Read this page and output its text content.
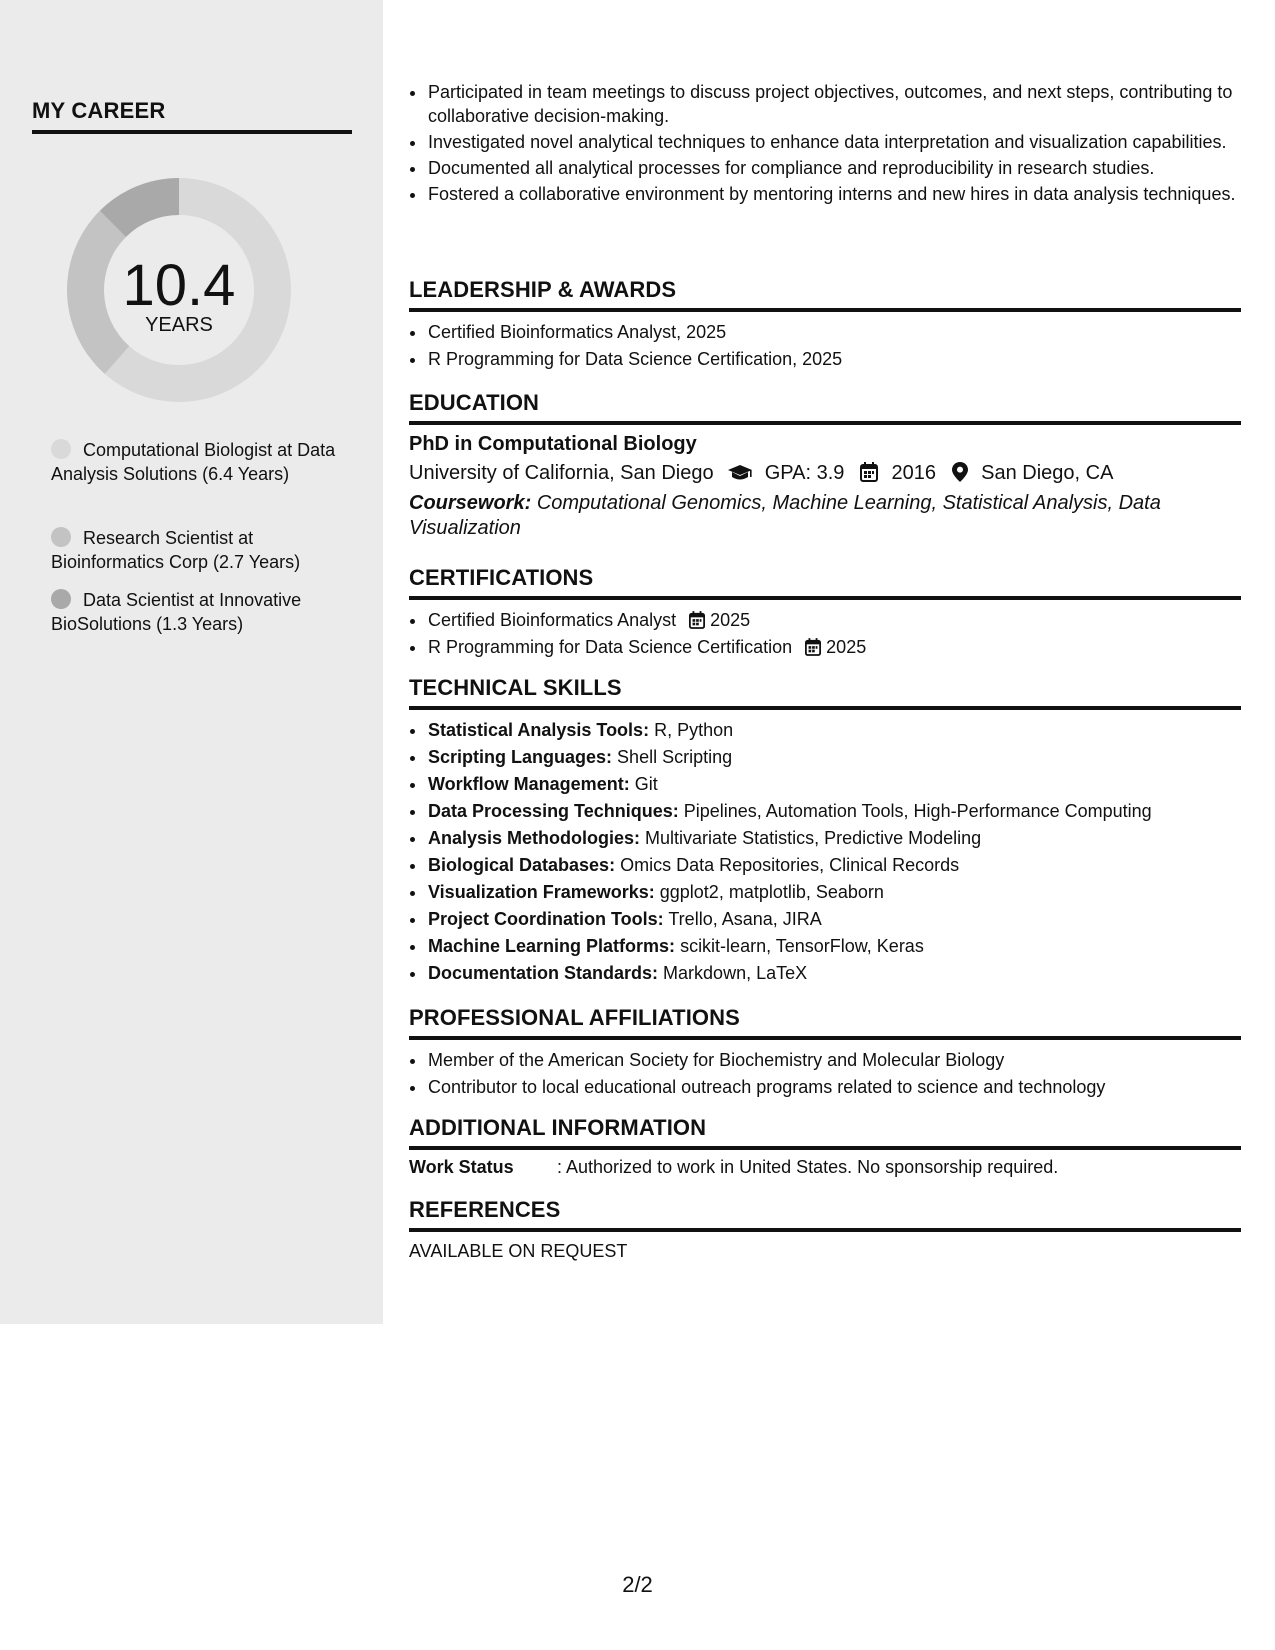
MY CAREER
10.4
YEARS
Computational Biologist at Data Analysis Solutions (6.4 Years)
Research Scientist at Bioinformatics Corp (2.7 Years)
Data Scientist at Innovative BioSolutions (1.3 Years)
• Participated in team meetings to discuss project objectives, outcomes, and next steps, contributing to collaborative decision-making.
• Investigated novel analytical techniques to enhance data interpretation and visualization capabilities.
• Documented all analytical processes for compliance and reproducibility in research studies.
• Fostered a collaborative environment by mentoring interns and new hires in data analysis techniques.
LEADERSHIP & AWARDS
• Certified Bioinformatics Analyst, 2025
• R Programming for Data Science Certification, 2025
EDUCATION
PhD in Computational Biology
University of California, San Diego	GPA: 3.9 2016 San Diego, CA
Coursework: Computational Genomics, Machine Learning, Statistical Analysis, Data Visualization
CERTIFICATIONS
• Certified Bioinformatics Analyst 2025
• R Programming for Data Science Certification 2025
TECHNICAL SKILLS
• Statistical Analysis Tools: R, Python
• Scripting Languages: Shell Scripting
• Workflow Management: Git
• Data Processing Techniques: Pipelines, Automation Tools, High-Performance Computing
• Analysis Methodologies: Multivariate Statistics, Predictive Modeling
• Biological Databases: Omics Data Repositories, Clinical Records
• Visualization Frameworks: ggplot2, matplotlib, Seaborn
• Project Coordination Tools: Trello, Asana, JIRA
• Machine Learning Platforms: scikit-learn, TensorFlow, Keras
• Documentation Standards: Markdown, LaTeX
PROFESSIONAL AFFILIATIONS
• Member of the American Society for Biochemistry and Molecular Biology
• Contributor to local educational outreach programs related to science and technology
ADDITIONAL INFORMATION
Work Status : Authorized to work in United States. No sponsorship required.
REFERENCES
AVAILABLE ON REQUEST
2/2
